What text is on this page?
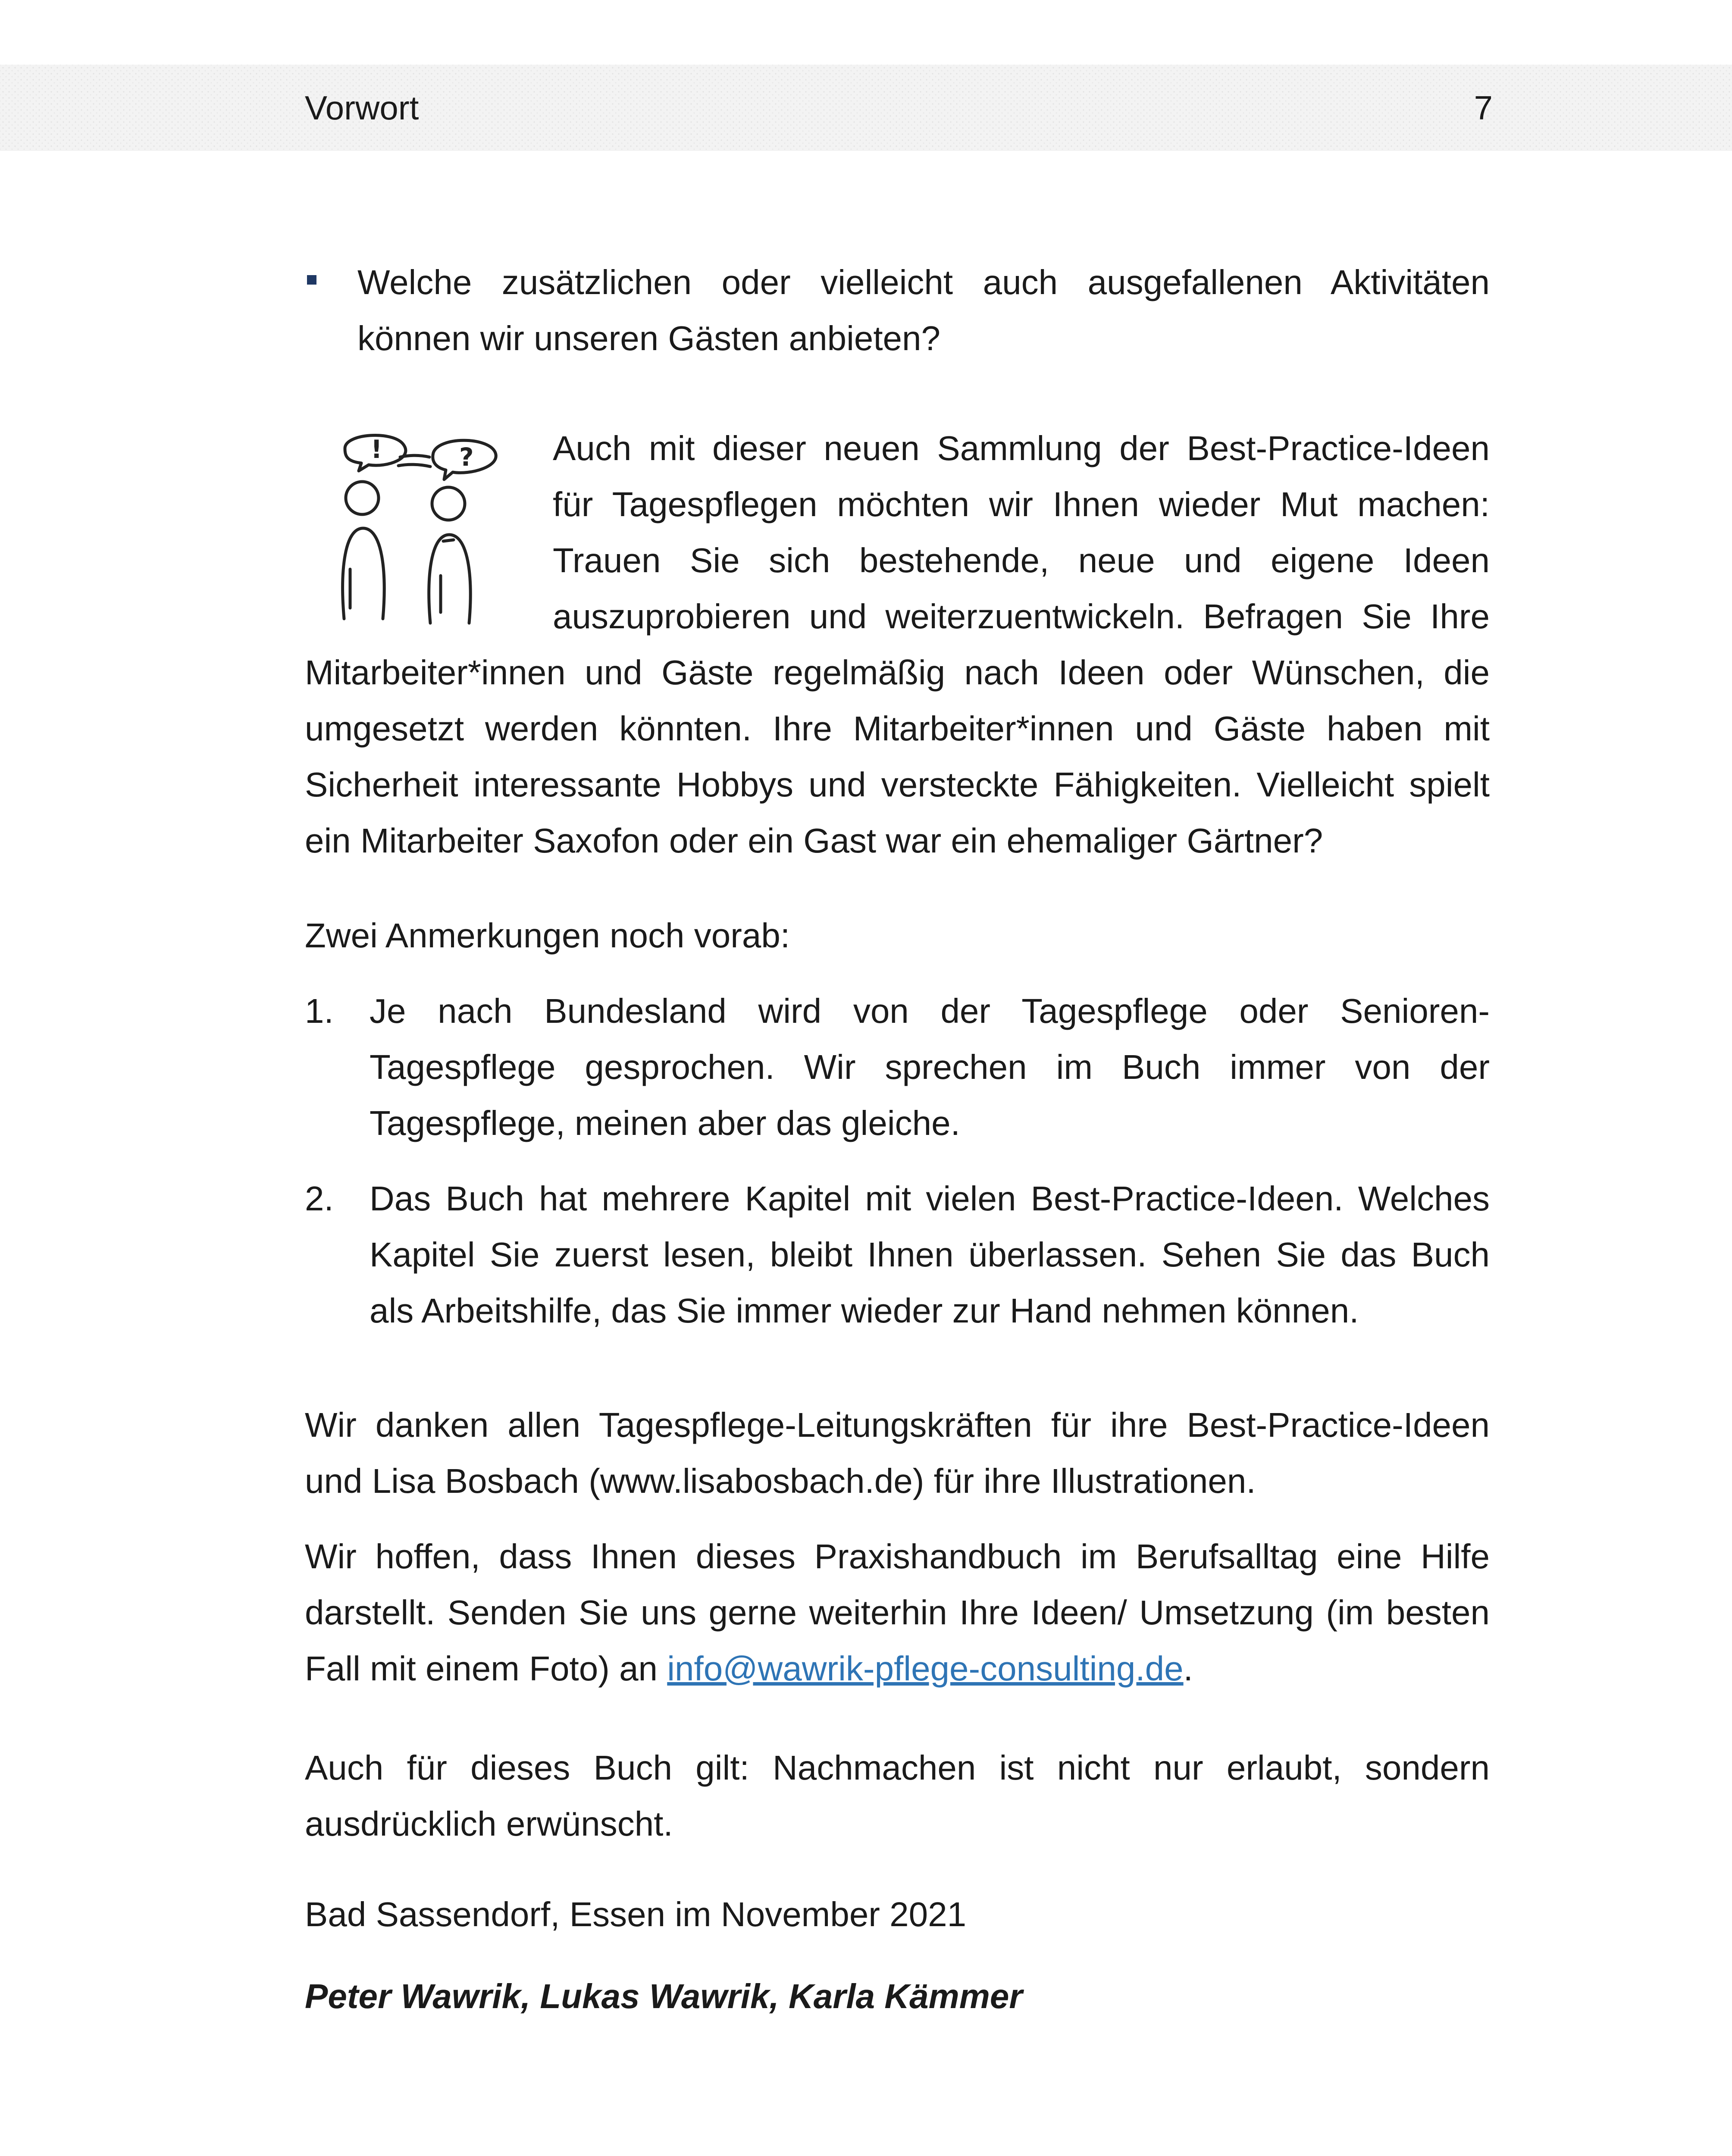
Vorwort	7
Welche zusätzlichen oder vielleicht auch ausgefallenen Aktivitäten können wir unseren Gästen anbieten?
!	?	Auch mit dieser neuen Sammlung der Best-Practice-Ideen für Tagespflegen möchten wir Ihnen wieder Mut machen: Trauen Sie sich bestehende, neue und eigene Ideen auszuprobieren und weiterzuentwickeln. Befragen Sie Ihre Mitarbeiter*innen und Gäste regelmäßig nach Ideen oder Wünschen, die umgesetzt werden könnten. Ihre Mitarbeiter*innen und Gäste haben mit Sicherheit interessante Hobbys und versteckte Fähigkeiten. Vielleicht spielt ein Mitarbeiter Saxofon oder ein Gast war ein ehemaliger Gärtner?

Zwei Anmerkungen noch vorab:

1. Je nach Bundesland wird von der Tagespflege oder Senioren-Tagespflege gesprochen. Wir sprechen im Buch immer von der Tagespflege, meinen aber das gleiche.
2. Das Buch hat mehrere Kapitel mit vielen Best-Practice-Ideen. Welches Kapitel Sie zuerst lesen, bleibt Ihnen überlassen. Sehen Sie das Buch als Arbeitshilfe, das Sie immer wieder zur Hand nehmen können.

Wir danken allen Tagespflege-Leitungskräften für ihre Best-Practice-Ideen und Lisa Bosbach (www.lisabosbach.de) für ihre Illustrationen.

Wir hoffen, dass Ihnen dieses Praxishandbuch im Berufsalltag eine Hilfe darstellt. Senden Sie uns gerne weiterhin Ihre Ideen/ Umsetzung (im besten Fall mit einem Foto) an info@wawrik-pflege-consulting.de.

Auch für dieses Buch gilt: Nachmachen ist nicht nur erlaubt, sondern ausdrücklich erwünscht.

Bad Sassendorf, Essen im November 2021
Peter Wawrik, Lukas Wawrik, Karla Kämmer
